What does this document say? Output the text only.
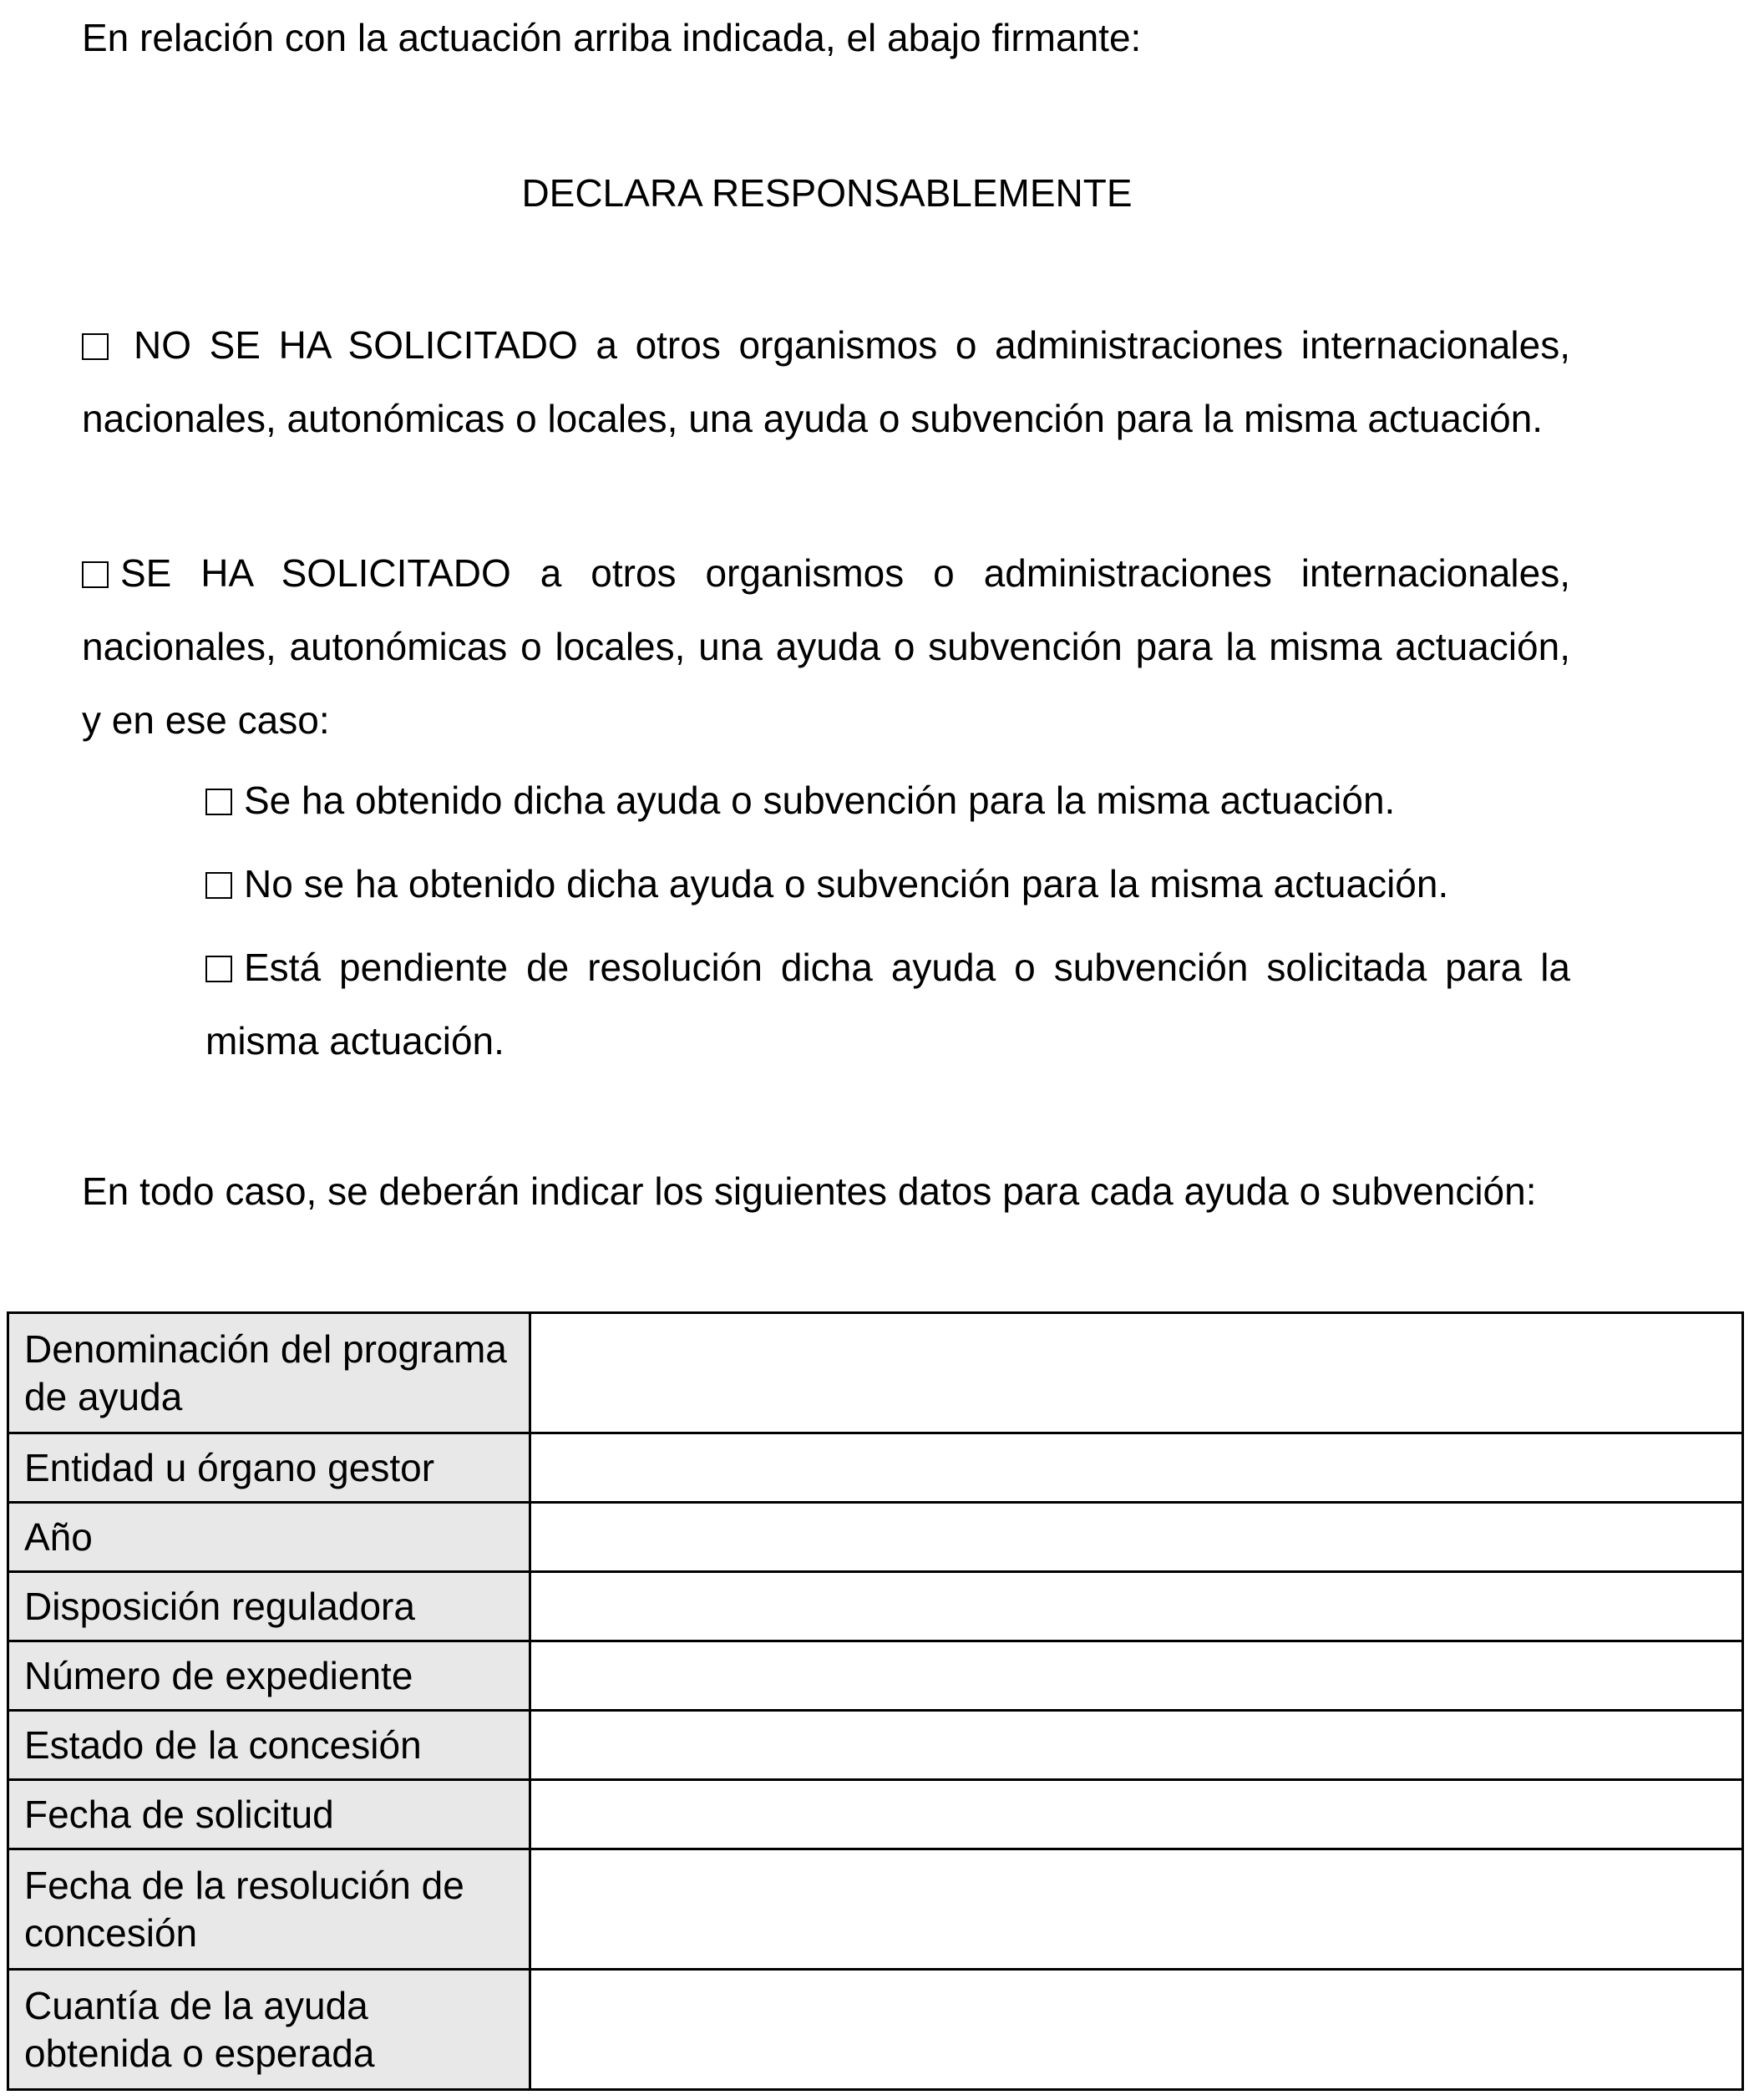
En relación con la actuación arriba indicada, el abajo firmante:

DECLARA RESPONSABLEMENTE

NO SE HA SOLICITADO a otros organismos o administraciones internacionales, nacionales, autonómicas o locales, una ayuda o subvención para la misma actuación.

SE HA SOLICITADO a otros organismos o administraciones internacionales, nacionales, autonómicas o locales, una ayuda o subvención para la misma actuación, y en ese caso:

Se ha obtenido dicha ayuda o subvención para la misma actuación.

No se ha obtenido dicha ayuda o subvención para la misma actuación.

Está pendiente de resolución dicha ayuda o subvención solicitada para la misma actuación.

En todo caso, se deberán indicar los siguientes datos para cada ayuda o subvención:

Denominación del programa de ayuda	
Entidad u órgano gestor	
Año	
Disposición reguladora	
Número de expediente	
Estado de la concesión	
Fecha de solicitud	
Fecha de la resolución de concesión	
Cuantía de la ayuda obtenida o esperada	
